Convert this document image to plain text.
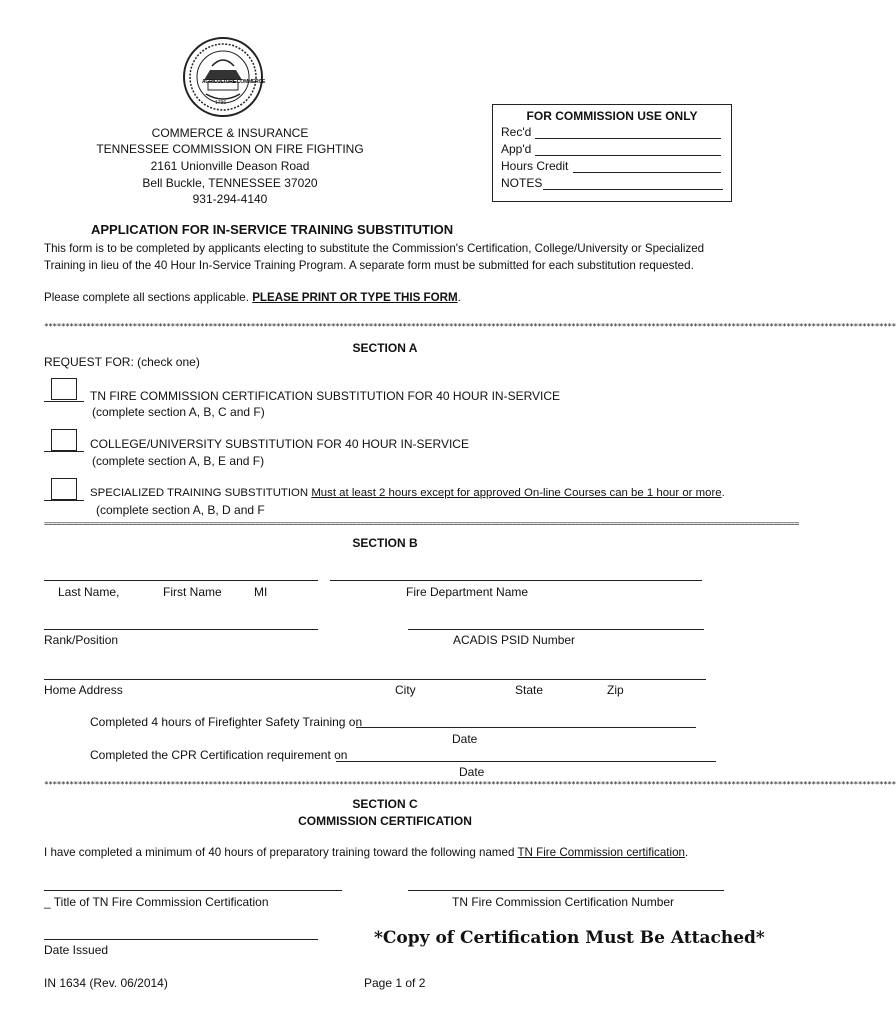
AGRICULTURE COMMERCE
1796
COMMERCE & INSURANCE
TENNESSEE COMMISSION ON FIRE FIGHTING
2161 Unionville Deason Road
Bell Buckle, TENNESSEE 37020
931-294-4140
FOR COMMISSION USE ONLY
Rec'd
App'd
Hours Credit
NOTES
APPLICATION FOR IN-SERVICE TRAINING SUBSTITUTION
This form is to be completed by applicants electing to substitute the Commission's Certification, College/University or Specialized
Training in lieu of the 40 Hour In-Service Training Program. A separate form must be submitted for each substitution requested.
Please complete all sections applicable. PLEASE PRINT OR TYPE THIS FORM.
**********************************************************************************************************************************************************************************************************
SECTION A
REQUEST FOR: (check one)
TN FIRE COMMISSION CERTIFICATION SUBSTITUTION FOR 40 HOUR IN-SERVICE
(complete section A, B, C and F)
COLLEGE/UNIVERSITY SUBSTITUTION FOR 40 HOUR IN-SERVICE
(complete section A, B, E and F)
SPECIALIZED TRAINING SUBSTITUTION Must at least 2 hours except for approved On-line Courses can be 1 hour or more.
(complete section A, B, D and F
===================================================================================================================================================================================
SECTION B
Last Name,	First Name	MI	Fire Department Name
Rank/Position	ACADIS PSID Number
Home Address	City	State	Zip
Completed 4 hours of Firefighter Safety Training on
Date
Completed the CPR Certification requirement on
Date
**********************************************************************************************************************************************************************************************************
SECTION C
COMMISSION CERTIFICATION
I have completed a minimum of 40 hours of preparatory training toward the following named TN Fire Commission certification.
_ Title of TN Fire Commission Certification	TN Fire Commission Certification Number
Date Issued
*Copy of Certification Must Be Attached*
IN 1634 (Rev. 06/2014)	Page 1 of 2
